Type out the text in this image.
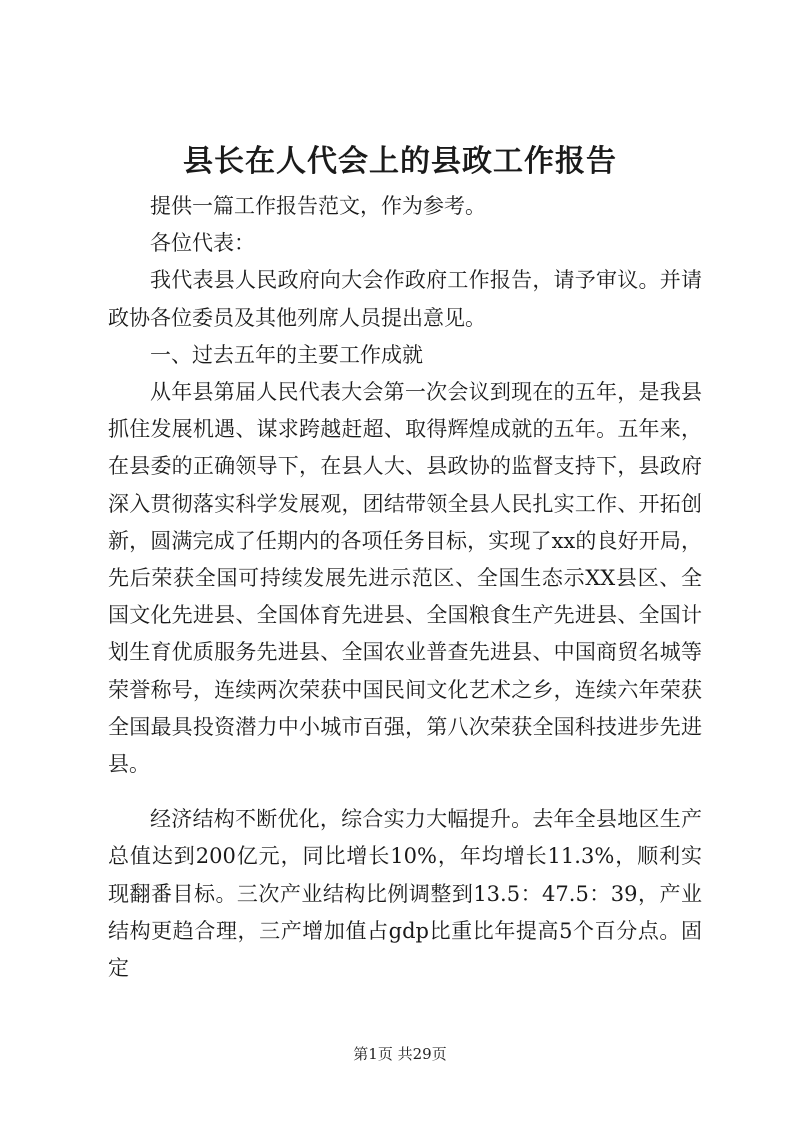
县长在人代会上的县政工作报告

提供一篇工作报告范文，作为参考。

各位代表：

我代表县人民政府向大会作政府工作报告，请予审议。并请政协各位委员及其他列席人员提出意见。

一、过去五年的主要工作成就

从年县第届人民代表大会第一次会议到现在的五年，是我县抓住发展机遇、谋求跨越赶超、取得辉煌成就的五年。五年来，在县委的正确领导下，在县人大、县政协的监督支持下，县政府深入贯彻落实科学发展观，团结带领全县人民扎实工作、开拓创新，圆满完成了任期内的各项任务目标，实现了xx的良好开局，先后荣获全国可持续发展先进示范区、全国生态示XX县区、全国文化先进县、全国体育先进县、全国粮食生产先进县、全国计划生育优质服务先进县、全国农业普查先进县、中国商贸名城等荣誉称号，连续两次荣获中国民间文化艺术之乡，连续六年荣获全国最具投资潜力中小城市百强，第八次荣获全国科技进步先进县。

经济结构不断优化，综合实力大幅提升。去年全县地区生产总值达到200亿元，同比增长10%，年均增长11.3%，顺利实现翻番目标。三次产业结构比例调整到13.5：47.5：39，产业结构更趋合理，三产增加值占gdp比重比年提高5个百分点。固定

第1页 共29页
